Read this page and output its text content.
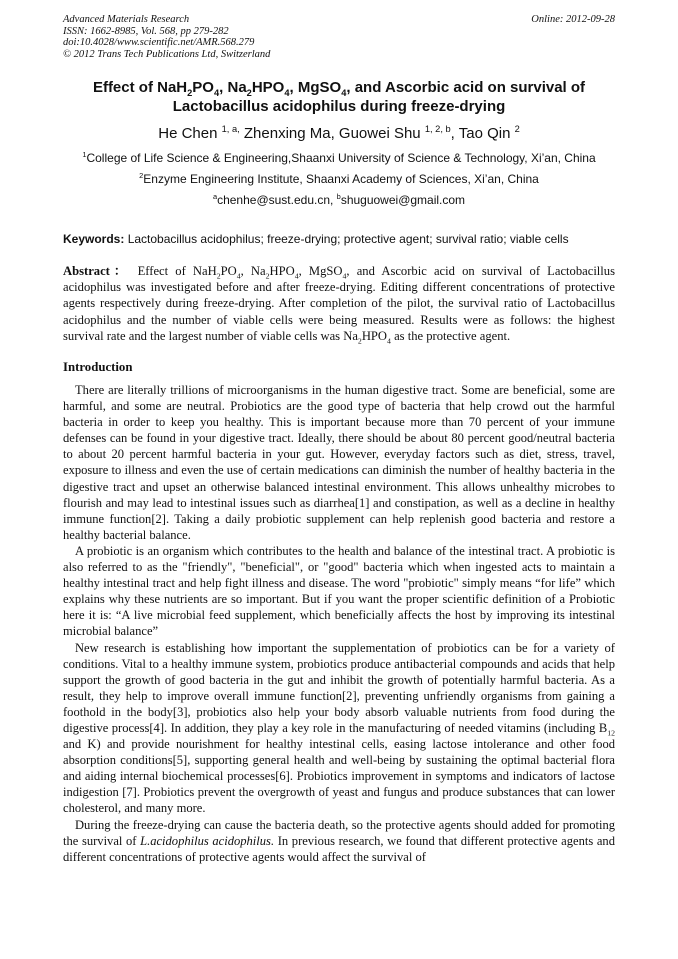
Advanced Materials Research
ISSN: 1662-8985, Vol. 568, pp 279-282
doi:10.4028/www.scientific.net/AMR.568.279
© 2012 Trans Tech Publications Ltd, Switzerland
Online: 2012-09-28
Effect of $NaH_2PO_4$, $Na_2HPO_4$, MgSO$_4$, and Ascorbic acid on survival of
Lactobacillus acidophilus during freeze-drying
He Chen $^{1, a,}$ Zhenxing Ma, Guowei Shu $^{1, 2, b}$, Tao Qin $^2$
$^1$College of Life Science & Engineering,Shaanxi University of Science & Technology, Xi’an, China
$^2$Enzyme Engineering Institute, Shaanxi Academy of Sciences, Xi’an, China
$^a$chenhe@sust.edu.cn, $^b$shuguowei@gmail.com
Keywords: Lactobacillus acidophilus; freeze-drying; protective agent; survival ratio; viable cells
Abstract： Effect of $NaH_2PO_4$, $Na_2HPO_4$, MgSO$_4$, and Ascorbic acid on survival of Lactobacillus acidophilus was investigated before and after freeze-drying. Editing different concentrations of protective agents respectively during freeze-drying. After completion of the pilot, the survival ratio of Lactobacillus acidophilus and the number of viable cells were being measured. Results were as follows: the highest survival rate and the largest number of viable cells was $Na_2HPO_4$ as the protective agent.
Introduction
There are literally trillions of microorganisms in the human digestive tract. Some are beneficial, some are harmful, and some are neutral. Probiotics are the good type of bacteria that help crowd out the harmful bacteria in order to keep you healthy. This is important because more than 70 percent of your immune defenses can be found in your digestive tract. Ideally, there should be about 80 percent good/neutral bacteria to about 20 percent harmful bacteria in your gut. However, everyday factors such as diet, stress, travel, exposure to illness and even the use of certain medications can diminish the number of healthy bacteria in the digestive tract and upset an otherwise balanced intestinal environment. This allows unhealthy microbes to flourish and may lead to intestinal issues such as diarrhea[1] and constipation, as well as a decline in healthy immune function[2]. Taking a daily probiotic supplement can help replenish good bacteria and restore a healthy bacterial balance.
A probiotic is an organism which contributes to the health and balance of the intestinal tract. A probiotic is also referred to as the "friendly", "beneficial", or "good" bacteria which when ingested acts to maintain a healthy intestinal tract and help fight illness and disease. The word "probiotic" simply means “for life” which explains why these nutrients are so important. But if you want the proper scientific definition of a Probiotic here it is: “A live microbial feed supplement, which beneficially affects the host by improving its intestinal microbial balance”
New research is establishing how important the supplementation of probiotics can be for a variety of conditions. Vital to a healthy immune system, probiotics produce antibacterial compounds and acids that help support the growth of good bacteria in the gut and inhibit the growth of potentially harmful bacteria. As a result, they help to improve overall immune function[2], preventing unfriendly organisms from gaining a foothold in the body[3], probiotics also help your body absorb valuable nutrients from food during the digestive process[4]. In addition, they play a key role in the manufacturing of needed vitamins (including $B_{12}$ and K) and provide nourishment for healthy intestinal cells, easing lactose intolerance and other food absorption conditions[5], supporting general health and well-being by sustaining the optimal bacterial flora and aiding internal biochemical processes[6]. Probiotics improvement in symptoms and indicators of lactose indigestion [7]. Probiotics prevent the overgrowth of yeast and fungus and produce substances that can lower cholesterol, and many more.
During the freeze-drying can cause the bacteria death, so the protective agents should added for promoting the survival of L.acidophilus acidophilus. In previous research, we found that different protective agents and different concentrations of protective agents would affect the survival of
